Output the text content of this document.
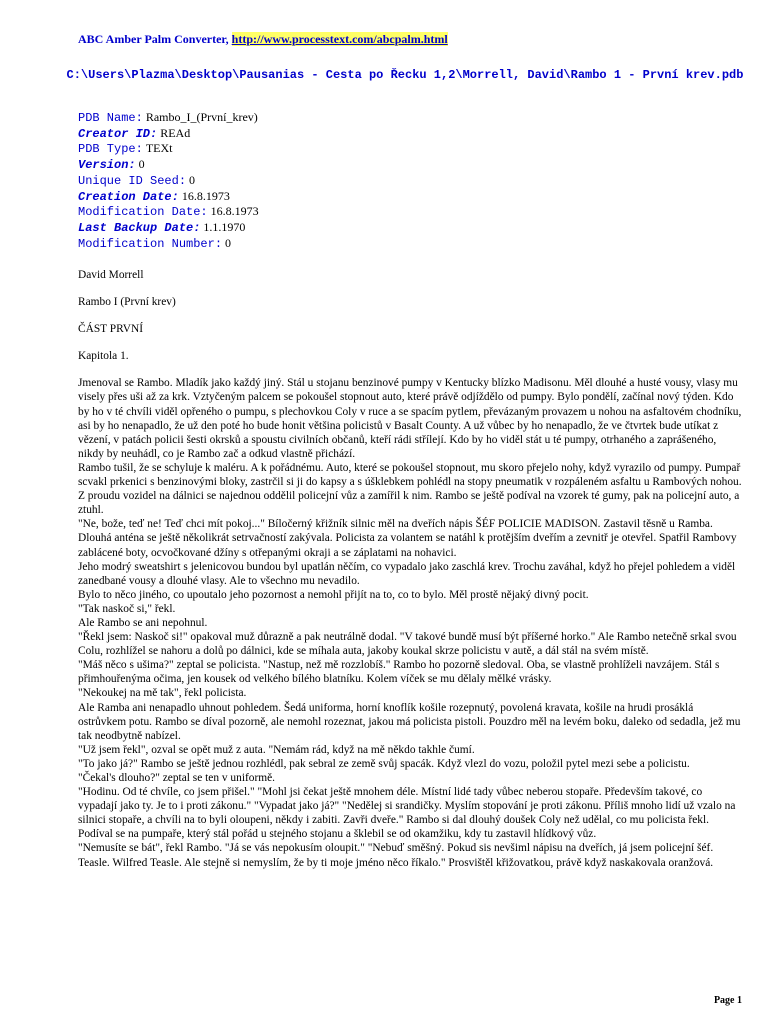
ABC Amber Palm Converter, http://www.processtext.com/abcpalm.html
C:\Users\Plazma\Desktop\Pausanias - Cesta po Řecku 1,2\Morrell, David\Rambo 1 - První krev.pdb
PDB Name: Rambo_I_(První_krev)
Creator ID: REAd
PDB Type: TEXt
Version: 0
Unique ID Seed: 0
Creation Date: 16.8.1973
Modification Date: 16.8.1973
Last Backup Date: 1.1.1970
Modification Number: 0

David Morrell

Rambo I (První krev)

ČÁST PRVNÍ

Kapitola 1.

Jmenoval se Rambo. Mladík jako každý jiný. Stál u stojanu benzinové pumpy v Kentucky blízko Madisonu. Měl dlouhé a husté vousy, vlasy mu visely přes uši až za krk. Vztyčeným palcem se pokoušel stopnout auto, které právě odjíždělo od pumpy. Bylo pondělí, začínal nový týden. Kdo by ho v té chvíli viděl opřeného o pumpu, s plechovkou Coly v ruce a se spacím pytlem, převázaným provazem u nohou na asfaltovém chodníku, asi by ho nenapadlo, že už den poté ho bude honit většina policistů v Basalt County. A už vůbec by ho nenapadlo, že ve čtvrtek bude utíkat z vězení, v patách policii šesti okrsků a spoustu civilních občanů, kteří rádi střílejí. Kdo by ho viděl stát u té pumpy, otrhaného a zaprášeného, nikdy by neuhádl, co je Rambo zač a odkud vlastně přichází.

Rambo tušil, že se schyluje k maléru. A k pořádnému. Auto, které se pokoušel stopnout, mu skoro přejelo nohy, když vyrazilo od pumpy. Pumpař scvakl prkenici s benzinovými bloky, zastrčil si ji do kapsy a s úšklebkem pohlédl na stopy pneumatik v rozpáleném asfaltu u Rambových nohou. Z proudu vozidel na dálnici se najednou oddělil policejní vůz a zamířil k nim. Rambo se ještě podíval na vzorek té gumy, pak na policejní auto, a ztuhl.

"Ne, bože, teď ne! Teď chci mít pokoj..." Bíločerný křižník silnic měl na dveřích nápis ŠÉF POLICIE MADISON. Zastavil těsně u Ramba. Dlouhá anténa se ještě několikrát setrvačností zakývala. Policista za volantem se natáhl k protějším dveřím a zevnitř je otevřel. Spatřil Rambovy zablácené boty, ocvočkované džíny s otřepanými okraji a se záplatami na nohavici.

Jeho modrý sweatshirt s jelenicovou bundou byl upatlán něčím, co vypadalo jako zaschlá krev. Trochu zaváhal, když ho přejel pohledem a viděl zanedbané vousy a dlouhé vlasy. Ale to všechno mu nevadilo.

Bylo to něco jiného, co upoutalo jeho pozornost a nemohl přijít na to, co to bylo. Měl prostě nějaký divný pocit.

"Tak naskoč si," řekl.

Ale Rambo se ani nepohnul.

"Řekl jsem: Naskoč si!" opakoval muž důrazně a pak neutrálně dodal. "V takové bundě musí být příšerné horko." Ale Rambo netečně srkal svou Colu, rozhlížel se nahoru a dolů po dálnici, kde se míhala auta, jakoby koukal skrze policistu v autě, a dál stál na svém místě.

"Máš něco s ušima?" zeptal se policista. "Nastup, než mě rozzlobíš." Rambo ho pozorně sledoval. Oba, se vlastně prohlíželi navzájem. Stál s přimhouřenýma očima, jen kousek od velkého bílého blatníku. Kolem víček se mu dělaly mělké vrásky.

"Nekoukej na mě tak", řekl policista.

Ale Ramba ani nenapadlo uhnout pohledem. Šedá uniforma, horní knoflík košile rozepnutý, povolená kravata, košile na hrudi prosáklá ostrůvkem potu. Rambo se díval pozorně, ale nemohl rozeznat, jakou má policista pistoli. Pouzdro měl na levém boku, daleko od sedadla, jež mu tak neodbytně nabízel.

"Už jsem řekl", ozval se opět muž z auta. "Nemám rád, když na mě někdo takhle čumí.

"To jako já?" Rambo se ještě jednou rozhlédl, pak sebral ze země svůj spacák. Když vlezl do vozu, položil pytel mezi sebe a policistu.

"Čekal's dlouho?" zeptal se ten v uniformě.

"Hodinu. Od té chvíle, co jsem přišel." "Mohl jsi čekat ještě mnohem déle. Místní lidé tady vůbec neberou stopaře. Především takové, co vypadají jako ty. Je to i proti zákonu." "Vypadat jako já?" "Nedělej si srandičky. Myslím stopování je proti zákonu. Příliš mnoho lidí už vzalo na silnici stopaře, a chvíli na to byli oloupeni, někdy i zabiti. Zavři dveře." Rambo si dal dlouhý doušek Coly než udělal, co mu policista řekl. Podíval se na pumpaře, který stál pořád u stejného stojanu a šklebil se od okamžiku, kdy tu zastavil hlídkový vůz.

"Nemusíte se bát", řekl Rambo. "Já se vás nepokusím oloupit." "Nebuď směšný. Pokud sis nevšiml nápisu na dveřích, já jsem policejní šéf. Teasle. Wilfred Teasle. Ale stejně si nemyslím, že by ti moje jméno něco říkalo." Prosvištěl křižovatkou, právě když naskakovala oranžová.

Page 1
